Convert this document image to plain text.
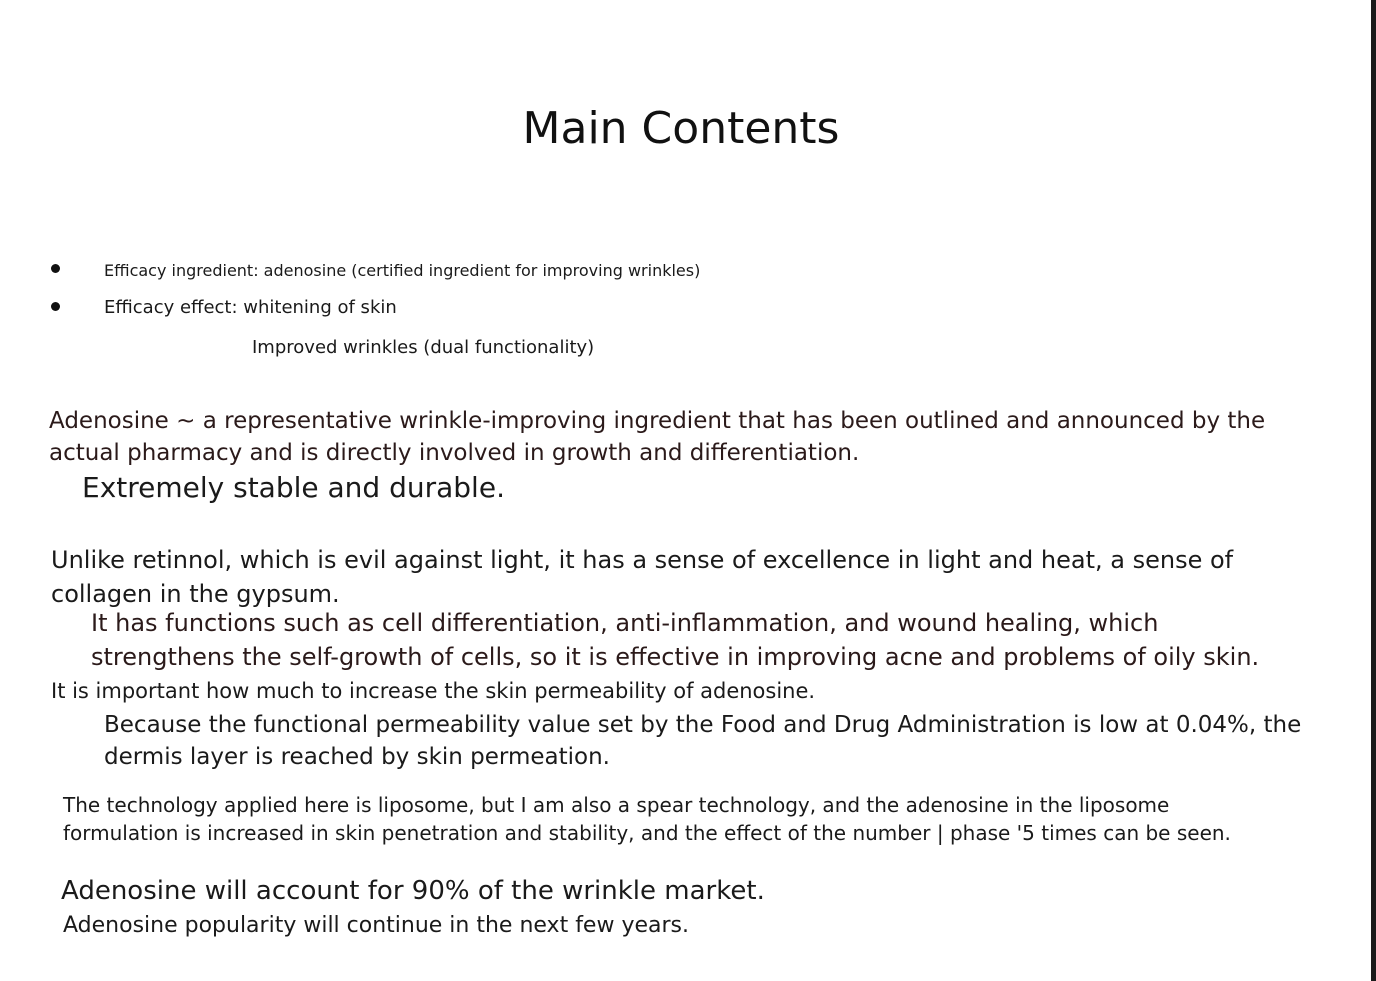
Main Contents
Efficacy ingredient: adenosine (certified ingredient for improving wrinkles)
Efficacy effect: whitening of skin
Improved wrinkles (dual functionality)
Adenosine ~ a representative wrinkle-improving ingredient that has been outlined and announced by the
actual pharmacy and is directly involved in growth and differentiation.
Extremely stable and durable.
Unlike retinnol, which is evil against light, it has a sense of excellence in light and heat, a sense of
collagen in the gypsum.
It has functions such as cell differentiation, anti-inflammation, and wound healing, which
strengthens the self-growth of cells, so it is effective in improving acne and problems of oily skin.
It is important how much to increase the skin permeability of adenosine.
Because the functional permeability value set by the Food and Drug Administration is low at 0.04%, the
dermis layer is reached by skin permeation.
The technology applied here is liposome, but I am also a spear technology, and the adenosine in the liposome
formulation is increased in skin penetration and stability, and the effect of the number | phase '5 times can be seen.
Adenosine will account for 90% of the wrinkle market.
Adenosine popularity will continue in the next few years.
